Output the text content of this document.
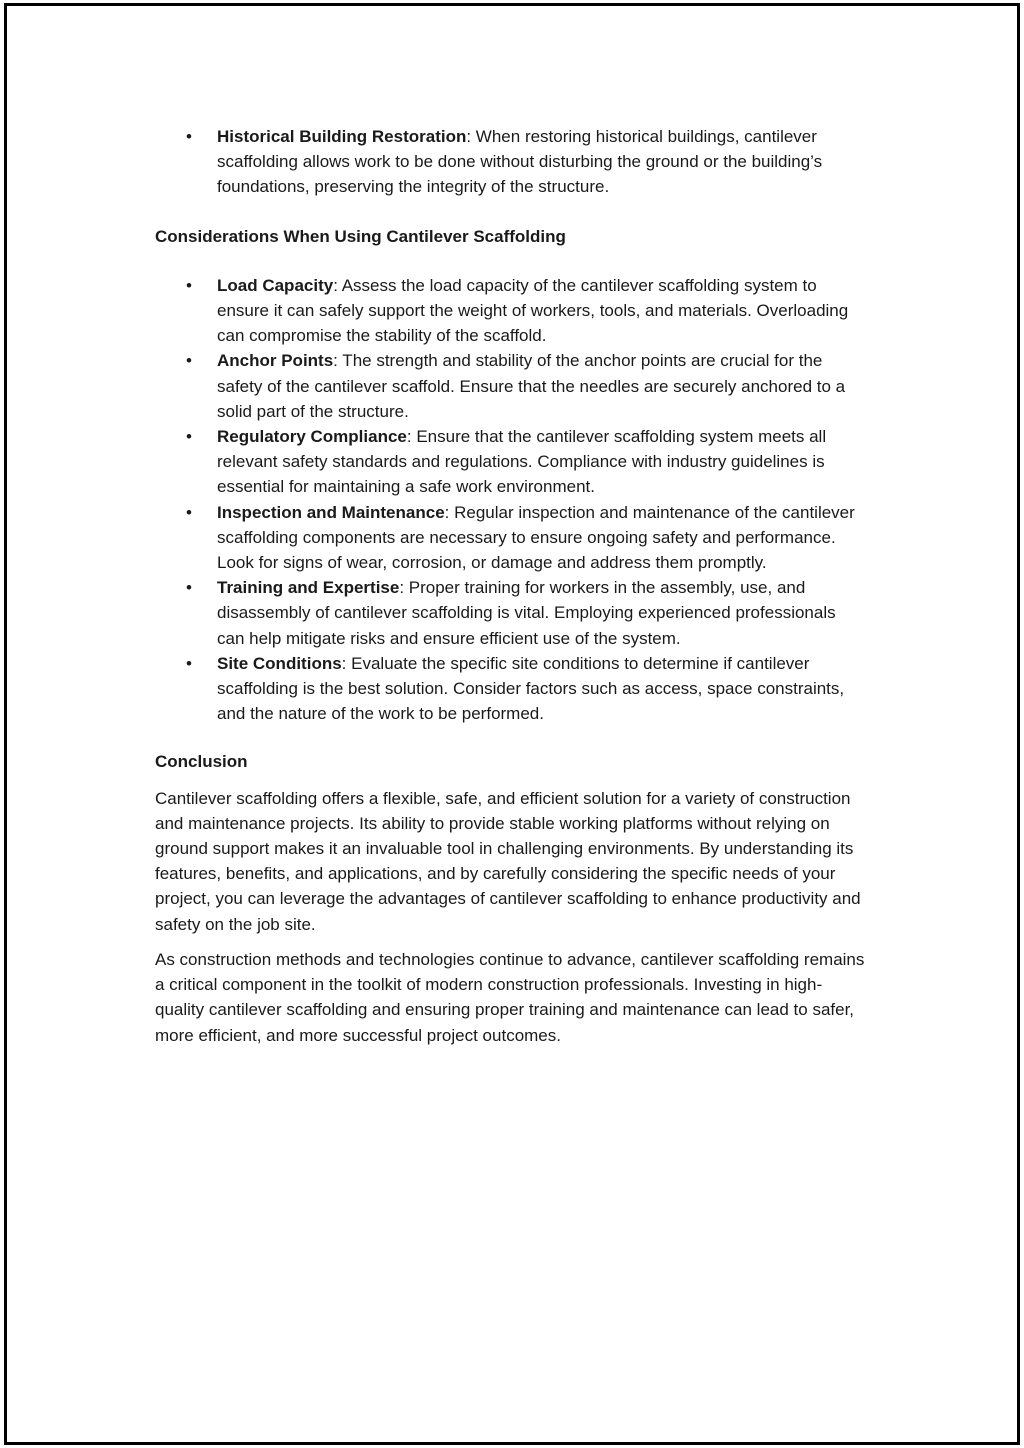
• Historical Building Restoration: When restoring historical buildings, cantilever scaffolding allows work to be done without disturbing the ground or the building’s foundations, preserving the integrity of the structure.

Considerations When Using Cantilever Scaffolding

• Load Capacity: Assess the load capacity of the cantilever scaffolding system to ensure it can safely support the weight of workers, tools, and materials. Overloading can compromise the stability of the scaffold.
• Anchor Points: The strength and stability of the anchor points are crucial for the safety of the cantilever scaffold. Ensure that the needles are securely anchored to a solid part of the structure.
• Regulatory Compliance: Ensure that the cantilever scaffolding system meets all relevant safety standards and regulations. Compliance with industry guidelines is essential for maintaining a safe work environment.
• Inspection and Maintenance: Regular inspection and maintenance of the cantilever scaffolding components are necessary to ensure ongoing safety and performance. Look for signs of wear, corrosion, or damage and address them promptly.
• Training and Expertise: Proper training for workers in the assembly, use, and disassembly of cantilever scaffolding is vital. Employing experienced professionals can help mitigate risks and ensure efficient use of the system.
• Site Conditions: Evaluate the specific site conditions to determine if cantilever scaffolding is the best solution. Consider factors such as access, space constraints, and the nature of the work to be performed.

Conclusion

Cantilever scaffolding offers a flexible, safe, and efficient solution for a variety of construction and maintenance projects. Its ability to provide stable working platforms without relying on ground support makes it an invaluable tool in challenging environments. By understanding its features, benefits, and applications, and by carefully considering the specific needs of your project, you can leverage the advantages of cantilever scaffolding to enhance productivity and safety on the job site.

As construction methods and technologies continue to advance, cantilever scaffolding remains a critical component in the toolkit of modern construction professionals. Investing in high-quality cantilever scaffolding and ensuring proper training and maintenance can lead to safer, more efficient, and more successful project outcomes.
